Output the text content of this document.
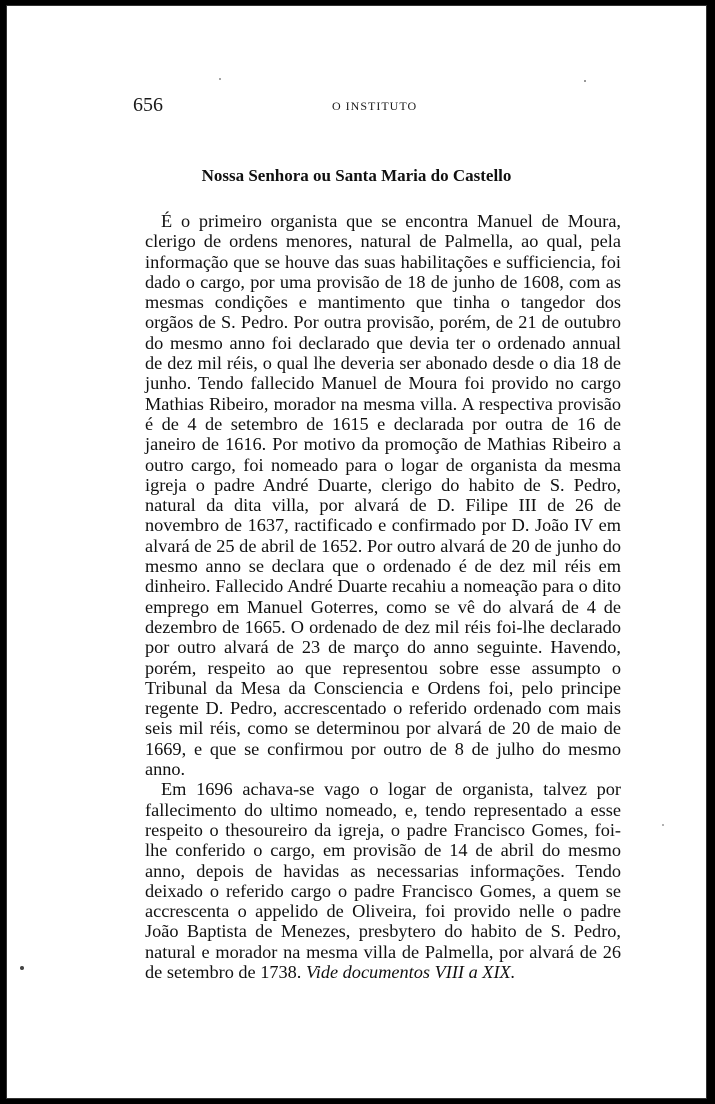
656	O INSTITUTO
Nossa Senhora ou Santa Maria do Castello

É o primeiro organista que se encontra Manuel de Moura, clerigo de ordens menores, natural de Palmella, ao qual, pela informação que se houve das suas habilitações e sufficiencia, foi dado o cargo, por uma provisão de 18 de junho de 1608, com as mesmas condições e mantimento que tinha o tangedor dos orgãos de S. Pedro. Por outra provisão, porém, de 21 de outubro do mesmo anno foi declarado que devia ter o ordenado annual de dez mil réis, o qual lhe deveria ser abonado desde o dia 18 de junho. Tendo fallecido Manuel de Moura foi provido no cargo Mathias Ribeiro, morador na mesma villa. A respectiva provisão é de 4 de setembro de 1615 e declarada por outra de 16 de janeiro de 1616. Por motivo da promoção de Mathias Ribeiro a outro cargo, foi nomeado para o logar de organista da mesma igreja o padre André Duarte, clerigo do habito de S. Pedro, natural da dita villa, por alvará de D. Filipe III de 26 de novembro de 1637, ractificado e confirmado por D. João IV em alvará de 25 de abril de 1652. Por outro alvará de 20 de junho do mesmo anno se declara que o ordenado é de dez mil réis em dinheiro. Fallecido André Duarte recahiu a nomeação para o dito emprego em Manuel Goterres, como se vê do alvará de 4 de dezembro de 1665. O ordenado de dez mil réis foi-lhe declarado por outro alvará de 23 de março do anno seguinte. Havendo, porém, respeito ao que representou sobre esse assumpto o Tribunal da Mesa da Consciencia e Ordens foi, pelo principe regente D. Pedro, accrescentado o referido ordenado com mais seis mil réis, como se determinou por alvará de 20 de maio de 1669, e que se confirmou por outro de 8 de julho do mesmo anno.

Em 1696 achava-se vago o logar de organista, talvez por fallecimento do ultimo nomeado, e, tendo representado a esse respeito o thesoureiro da igreja, o padre Francisco Gomes, foi-lhe conferido o cargo, em provisão de 14 de abril do mesmo anno, depois de havidas as necessarias informações. Tendo deixado o referido cargo o padre Francisco Gomes, a quem se accrescenta o appelido de Oliveira, foi provido nelle o padre João Baptista de Menezes, presbytero do habito de S. Pedro, natural e morador na mesma villa de Palmella, por alvará de 26 de setembro de 1738. Vide documentos VIII a XIX.
